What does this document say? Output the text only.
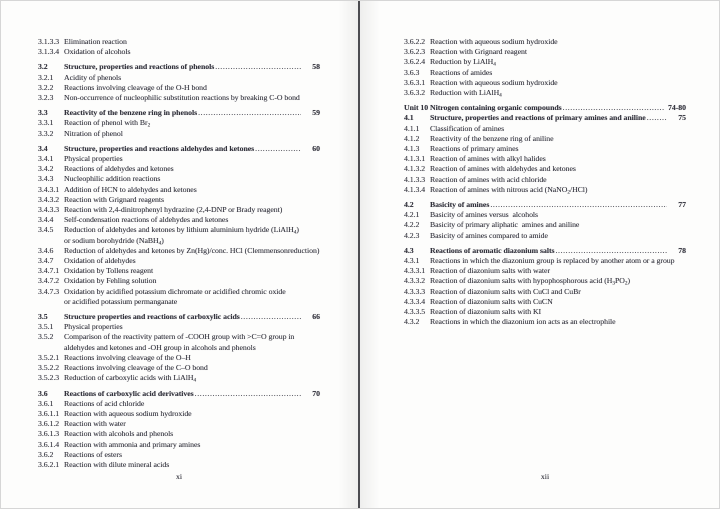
3.1.3.3 Elimination reaction
3.1.3.4 Oxidation of alcohols
3.2	Structure, properties and reactions of phenols .....	58
3.2.1	Acidity of phenols
3.2.2	Reactions involving cleavage of the O-H bond
3.2.3	Non-occurrence of nucleophilic substitution reactions by breaking C-O bond
3.3	Reactivity of the benzene ring in phenols .....	59
3.3.1	Reaction of phenol with $Br_2$
3.3.2	Nitration of phenol
3.4	Structure, properties and reactions aldehydes and ketones .....	60
3.4.1	Physical properties
3.4.2	Reactions of aldehydes and ketones
3.4.3	Nucleophilic addition reactions
3.4.3.1 Addition of HCN to aldehydes and ketones
3.4.3.2 Reaction with Grignard reagents
3.4.3.3 Reaction with 2,4-dinitrophenyl hydrazine (2,4-DNP or Brady reagent)
3.4.4	Self-condensation reactions of aldehydes and ketones
3.4.5	Reduction of aldehydes and ketones by lithium aluminium hydride (LiAlH$_4$)
or sodium borohydride (NaBH$_4$)
3.4.6	Reduction of aldehydes and ketones by Zn(Hg)/conc. HCl (Clemmensonreduction)
3.4.7	Oxidation of aldehydes
3.4.7.1 Oxidation by Tollens reagent
3.4.7.2 Oxidation by Fehling solution
3.4.7.3 Oxidation by acidified potassium dichromate or acidified chromic oxide
or acidified potassium permanganate
3.5	Structure properties and reactions of carboxylic acids .....	66
3.5.1	Physical properties
3.5.2	Comparison of the reactivity pattern of -COOH group with >C=O group in
aldehydes and ketones and -OH group in alcohols and phenols
3.5.2.1 Reactions involving cleavage of the O–H
3.5.2.2 Reactions involving cleavage of the C–O bond
3.5.2.3 Reduction of carboxylic acids with LiAlH$_4$
3.6	Reactions of carboxylic acid derivatives .....	70
3.6.1	Reactions of acid chloride
3.6.1.1 Reaction with aqueous sodium hydroxide
3.6.1.2 Reaction with water
3.6.1.3 Reaction with alcohols and phenols
3.6.1.4 Reaction with ammonia and primary amines
3.6.2	Reactions of esters
3.6.2.1 Reaction with dilute mineral acids
3.6.2.2 Reaction with aqueous sodium hydroxide
3.6.2.3 Reaction with Grignard reagent
3.6.2.4 Reduction by LiAlH$_4$
3.6.3	Reactions of amides
3.6.3.1 Reaction with aqueous sodium hydroxide
3.6.3.2 Reduction with LiAlH$_4$
Unit 10 Nitrogen containing organic compounds .....	74-80
4.1	Structure, properties and reactions of primary amines and aniline .....	75
4.1.1	Classification of amines
4.1.2	Reactivity of the benzene ring of aniline
4.1.3	Reactions of primary amines
4.1.3.1 Reaction of amines with alkyl halides
4.1.3.2 Reaction of amines with aldehydes and ketones
4.1.3.3 Reaction of amines with acid chloride
4.1.3.4 Reaction of amines with nitrous acid (NaNO$_2$/HCl)
4.2	Basicity of amines .....	77
4.2.1	Basicity of amines versus  alcohols
4.2.2	Basicity of primary aliphatic  amines and aniline
4.2.3	Basicity of amines compared to amide
4.3	Reactions of aromatic diazonium salts .....	78
4.3.1	Reactions in which the diazonium group is replaced by another atom or a group
4.3.3.1 Reaction of diazonium salts with water
4.3.3.2 Reaction of diazonium salts with hypophosphorous acid $(H_3PO_2)$
4.3.3.3 Reaction of diazonium salts with CuCl and CuBr
4.3.3.4 Reaction of diazonium salts with CuCN
4.3.3.5 Reaction of diazonium salts with KI
4.3.2	Reactions in which the diazonium ion acts as an electrophile
xi	xii
